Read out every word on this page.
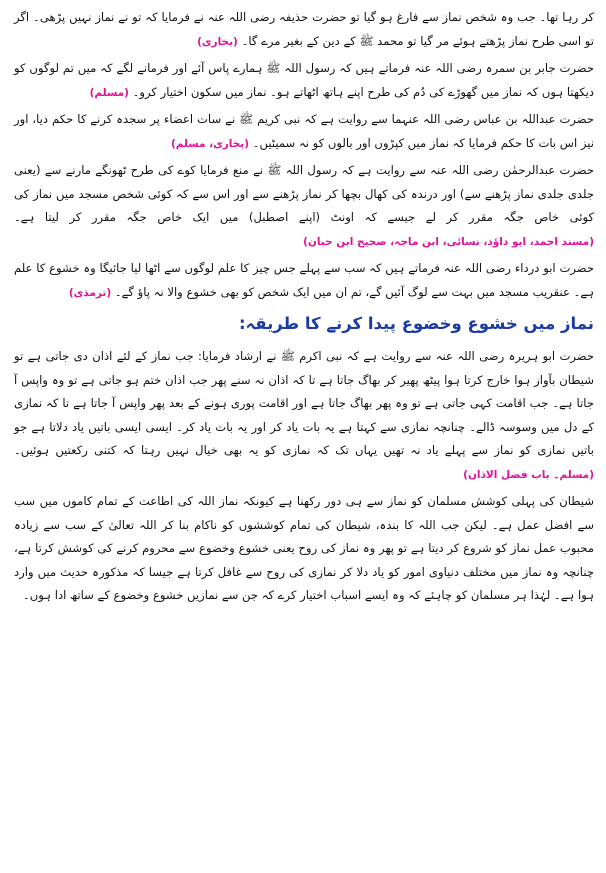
کر رہا تھا۔ جب وہ شخص نماز سے فارغ ہو گیا تو حضرت حذیفہ رضی اللہ عنہ نے فرمایا کہ تو نے نماز نہیں پڑھی۔ اگر تو اسی طرح نماز پڑھتے ہوئے مر گیا تو محمد ﷺ کے دین کے بغیر مرے گا۔ ( بخاری )

حضرت جابر بن سمرہ رضی اللہ عنہ فرماتے ہیں کہ رسول اللہ ﷺ ہمارے پاس آئے اور فرمانے لگے کہ میں تم لوگوں کو دیکھتا ہوں کہ نماز میں گھوڑے کی دُم کی طرح اپنے ہاتھ اٹھاتے ہو۔ نماز میں سکون اختیار کرو۔ ( مسلم )

حضرت عبداللہ بن عباس رضی اللہ عنہما سے روایت ہے کہ نبی کریم ﷺ نے سات اعضاء پر سجدہ کرنے کا حکم دیا، اور نیز اس بات کا حکم فرمایا کہ نماز میں کپڑوں اور بالوں کو نہ سمیٹیں۔ ( بخاری، مسلم )

حضرت عبدالرحمٰن رضی اللہ عنہ سے روایت ہے کہ رسول اللہ ﷺ نے منع فرمایا کوے کی طرح ٹھونگے مارنے سے (یعنی جلدی جلدی نماز پڑھنے سے) اور درندہ کی کھال بچھا کر نماز پڑھنے سے اور اس سے کہ کوئی شخص مسجد میں نماز کی کوئی خاص جگہ مقرر کر لے جیسے کہ اونٹ (اپنے اصطبل) میں ایک خاص جگہ مقرر کر لیتا ہے۔ ( مسند احمد، ابو داؤد، نسائی، ابن ماجہ، صحیح ابن حبان )

حضرت ابو درداء رضی اللہ عنہ فرماتے ہیں کہ سب سے پہلے جس چیز کا علم لوگوں سے اٹھا لیا جائیگا وہ خشوع کا علم ہے۔ عنقریب مسجد میں بہت سے لوگ آئیں گے، تم ان میں ایک شخص کو بھی خشوع والا نہ پاؤ گے۔ ( ترمذی )

نماز میں خشوع وخضوع پیدا کرنے کا طریقہ:

حضرت ابو ہریرہ رضی اللہ عنہ سے روایت ہے کہ نبی اکرم ﷺ نے ارشاد فرمایا: جب نماز کے لئے اذان دی جاتی ہے تو شیطان بآواز ہوا خارج کرتا ہوا پیٹھ پھیر کر بھاگ جاتا ہے تا کہ اذان نہ سنے پھر جب اذان ختم ہو جاتی ہے تو وہ واپس آ جاتا ہے۔ جب اقامت کہی جاتی ہے تو وہ پھر بھاگ جاتا ہے اور اقامت پوری ہونے کے بعد پھر واپس آ جاتا ہے تا کہ نمازی کے دل میں وسوسہ ڈالے۔ چنانچہ نمازی سے کہتا ہے یہ بات یاد کر اور یہ بات یاد کر۔ ایسی ایسی باتیں یاد دلاتا ہے جو باتیں نمازی کو نماز سے پہلے یاد نہ تھیں یہاں تک کہ نمازی کو یہ بھی خیال نہیں رہتا کہ کتنی رکعتیں ہوئیں۔ ( مسلم۔ باب فضل الاذان )

شیطان کی پہلی کوشش مسلمان کو نماز سے ہی دور رکھنا ہے کیونکہ نماز اللہ کی اطاعت کے تمام کاموں میں سب سے افضل عمل ہے۔ لیکن جب اللہ کا بندہ، شیطان کی تمام کوششوں کو ناکام بنا کر اللہ تعالیٰ کے سب سے زیادہ محبوب عمل نماز کو شروع کر دیتا ہے تو پھر وہ نماز کی روح یعنی خشوع وخضوع سے محروم کرنے کی کوشش کرتا ہے، چنانچہ وہ نماز میں مختلف دنیاوی امور کو یاد دلا کر نمازی کی روح سے غافل کرتا ہے جیسا کہ مذکورہ حدیث میں وارد ہوا ہے۔ لہٰذا ہر مسلمان کو چاہئے کہ وہ ایسے اسباب اختیار کرے کہ جن سے نمازیں خشوع وخضوع کے ساتھ ادا ہوں۔
